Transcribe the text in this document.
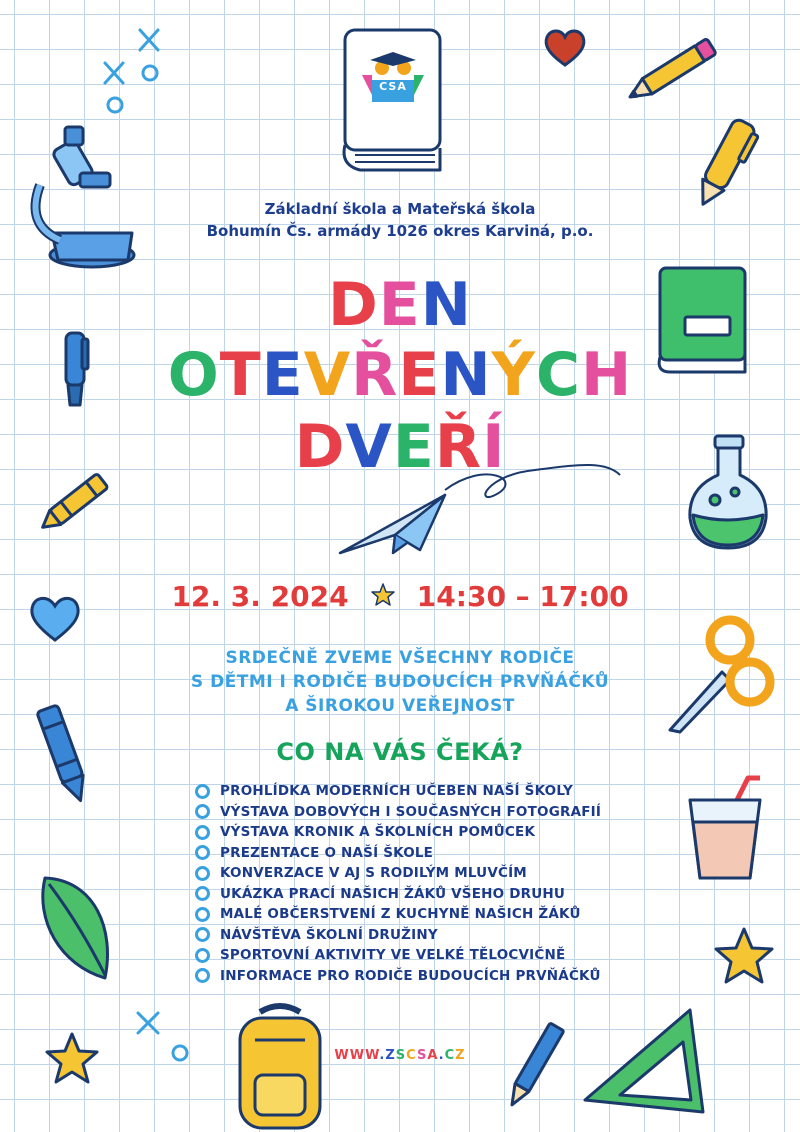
CSA
Základní škola a Mateřská škola
Bohumín Čs. armády 1026 okres Karviná, p.o.
DEN
OTEVŘENÝCH
DVEŘÍ
12. 3. 2024 14:30 – 17:00
SRDEČNĚ ZVEME VŠECHNY RODIČE
S DĚTMI I RODIČE BUDOUCÍCH PRVŇÁČKŮ
A ŠIROKOU VEŘEJNOST
CO NA VÁS ČEKÁ?
PROHLÍDKA MODERNÍCH UČEBEN NAŠÍ ŠKOLY
VÝSTAVA DOBOVÝCH I SOUČASNÝCH FOTOGRAFIÍ
VÝSTAVA KRONIK A ŠKOLNÍCH POMŮCEK
PREZENTACE O NAŠÍ ŠKOLE
KONVERZACE V AJ S RODILÝM MLUVČÍM
UKÁZKA PRACÍ NAŠICH ŽÁKŮ VŠEHO DRUHU
MALÉ OBČERSTVENÍ Z KUCHYNĚ NAŠICH ŽÁKŮ
NÁVŠTĚVA ŠKOLNÍ DRUŽINY
SPORTOVNÍ AKTIVITY VE VELKÉ TĚLOCVIČNĚ
INFORMACE PRO RODIČE BUDOUCÍCH PRVŇÁČKŮ
WWW.ZSCSA.CZ
